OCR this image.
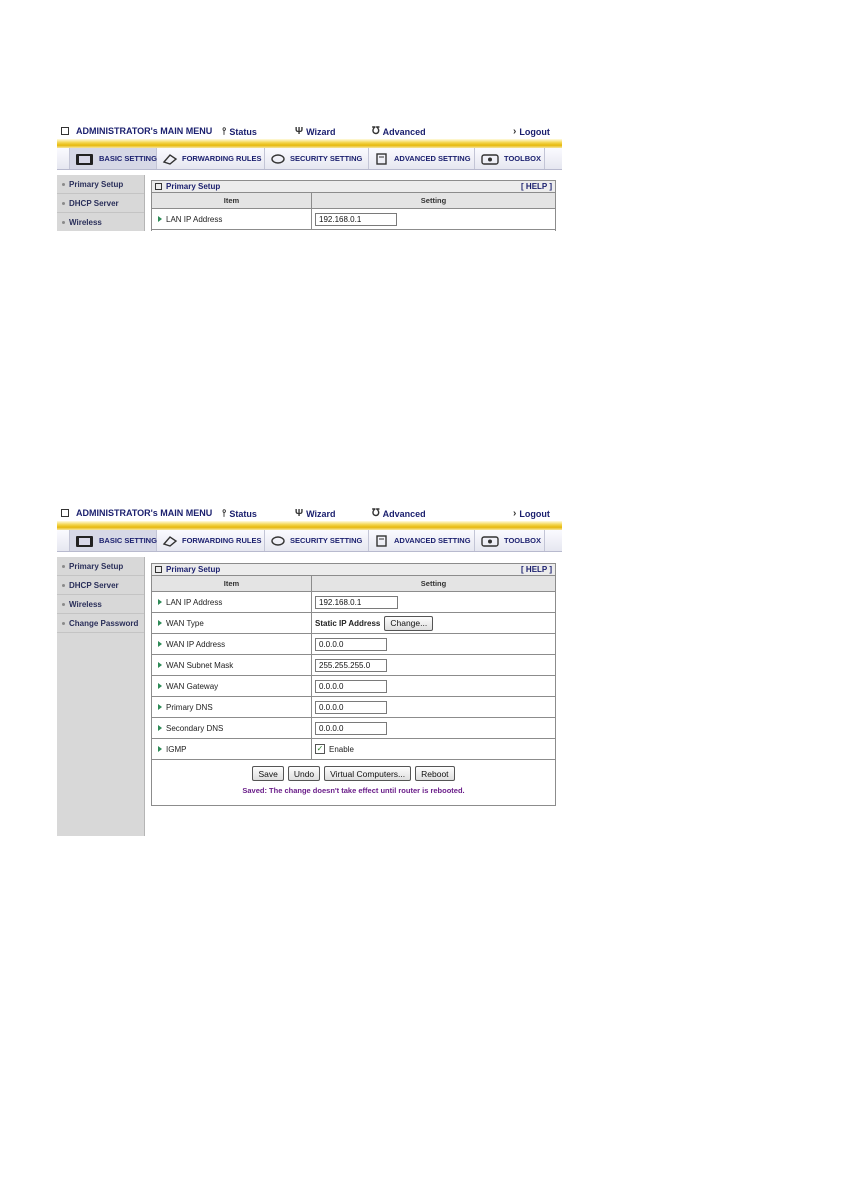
ADMINISTRATOR's MAIN MENU ⫯ Status	Ψ Wizard	℧ Advanced	› Logout
BASIC SETTING	FORWARDING RULES	SECURITY SETTING	ADVANCED SETTING	TOOLBOX
Primary Setup
DHCP Server
Wireless
Primary Setup	[ HELP ]
Item	Setting
LAN IP Address	192.168.0.1
ADMINISTRATOR's MAIN MENU ⫯ Status	Ψ Wizard	℧ Advanced	› Logout
BASIC SETTING	FORWARDING RULES	SECURITY SETTING	ADVANCED SETTING	TOOLBOX
Primary Setup
DHCP Server
Wireless
Change Password
Primary Setup	[ HELP ]
Item	Setting
LAN IP Address	192.168.0.1
WAN Type	Static IP Address	Change...
WAN IP Address	0.0.0.0
WAN Subnet Mask	255.255.255.0
WAN Gateway	0.0.0.0
Primary DNS	0.0.0.0
Secondary DNS	0.0.0.0
IGMP	✓ Enable
Save	Undo	Virtual Computers...	Reboot
Saved: The change doesn't take effect until router is rebooted.
